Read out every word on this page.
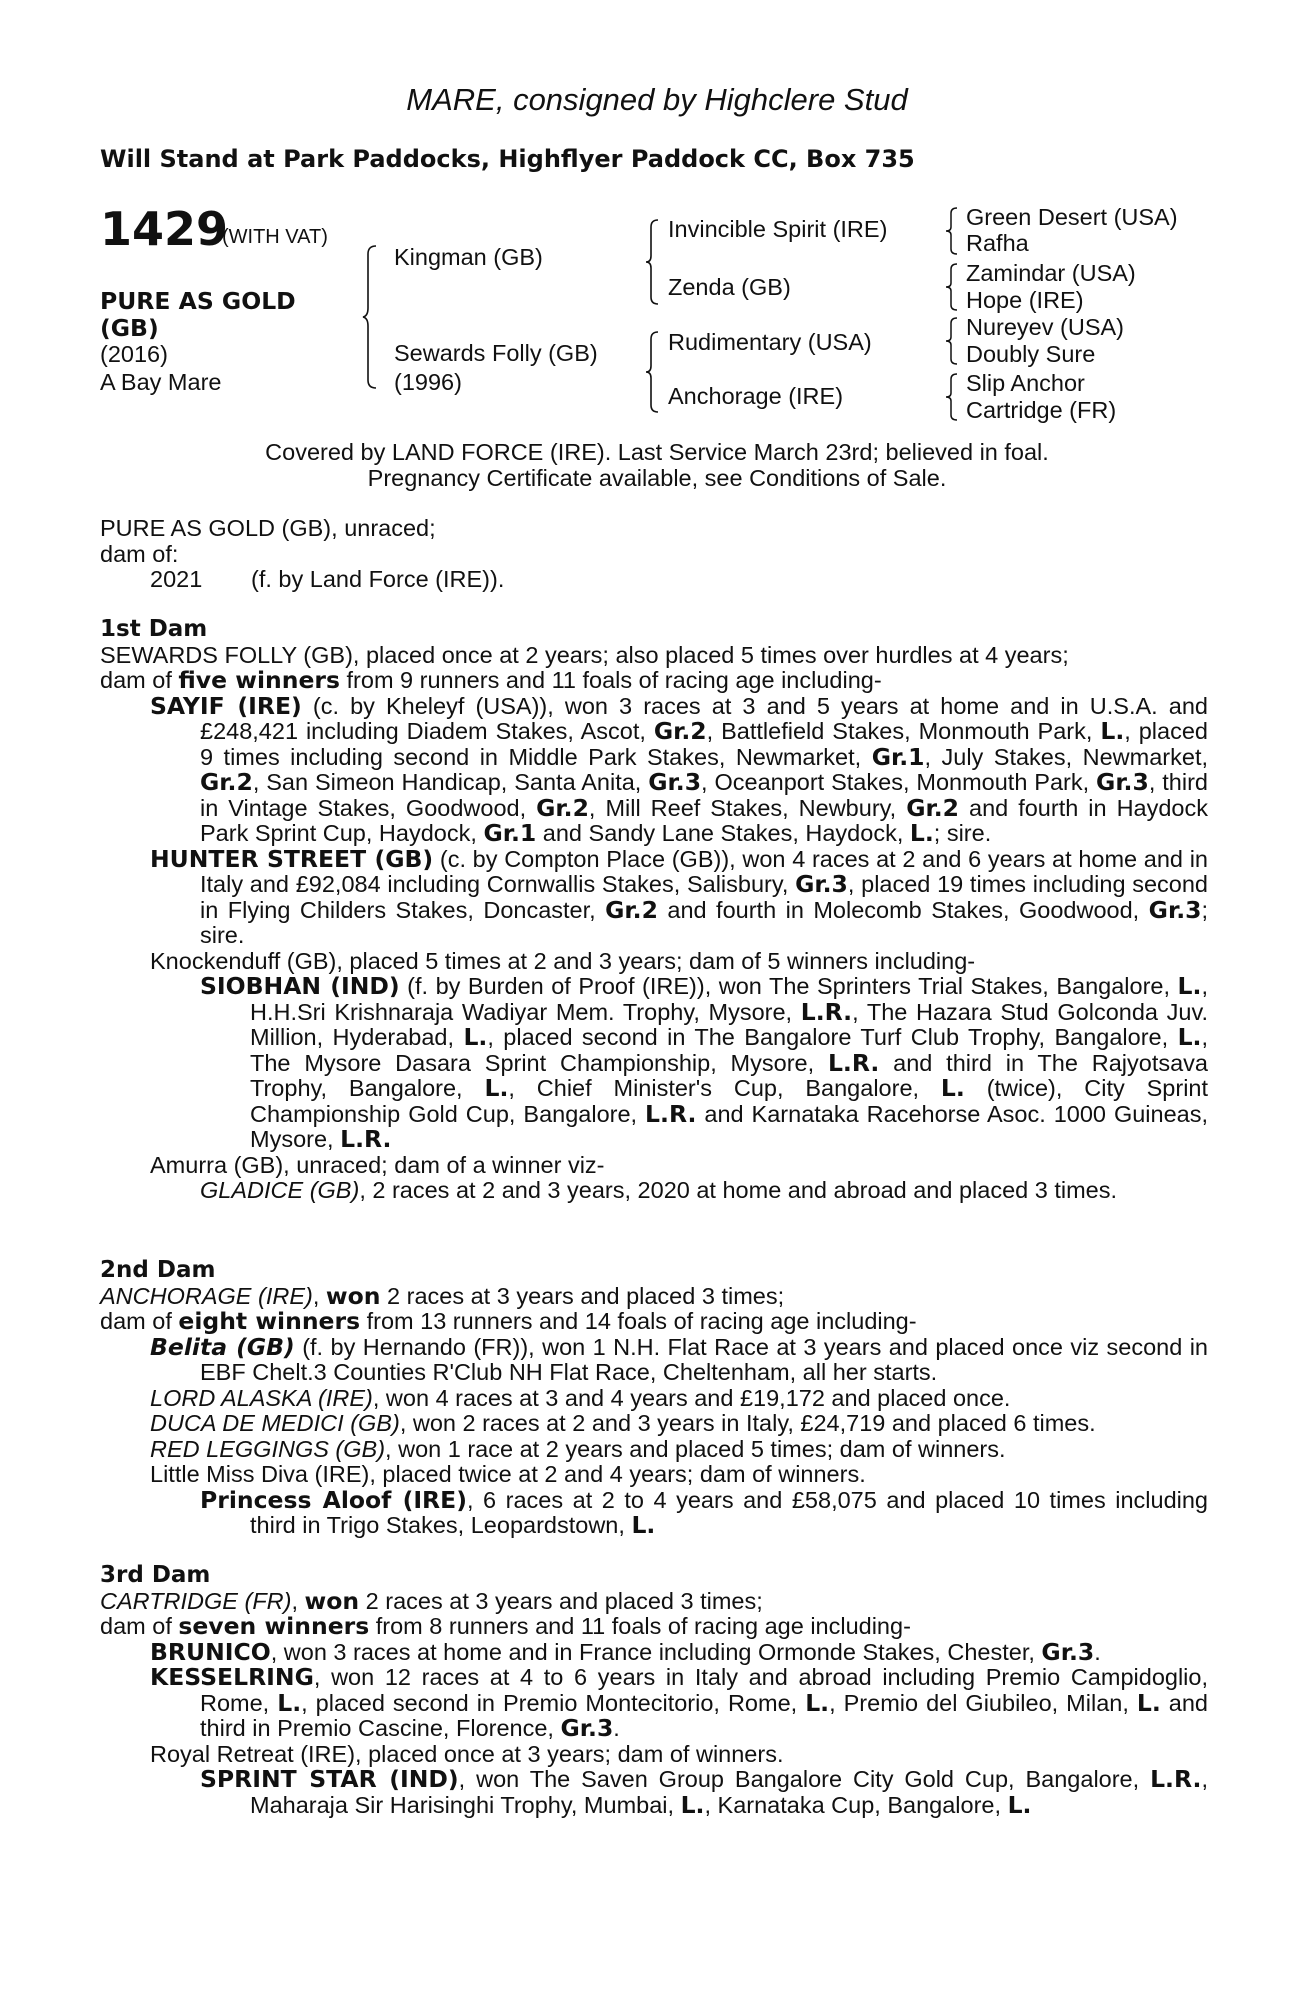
MARE, consigned by Highclere Stud
Will Stand at Park Paddocks, Highflyer Paddock CC, Box 735
1429
(WITH VAT)
PURE AS GOLD
(GB)
(2016)
A Bay Mare
Kingman (GB)
Sewards Folly (GB)
(1996)
Invincible Spirit (IRE)
Zenda (GB)
Rudimentary (USA)
Anchorage (IRE)
Green Desert (USA)
Rafha
Zamindar (USA)
Hope (IRE)
Nureyev (USA)
Doubly Sure
Slip Anchor
Cartridge (FR)
Covered by LAND FORCE (IRE). Last Service March 23rd; believed in foal.
Pregnancy Certificate available, see Conditions of Sale.
PURE AS GOLD (GB), unraced;
dam of:
2021 (f. by Land Force (IRE)).

1st Dam

SEWARDS FOLLY (GB), placed once at 2 years; also placed 5 times over hurdles at 4 years;

dam of five winners from 9 runners and 11 foals of racing age including-

SAYIF (IRE) (c. by Kheleyf (USA)), won 3 races at 3 and 5 years at home and in U.S.A. and £248,421 including Diadem Stakes, Ascot, Gr.2, Battlefield Stakes, Monmouth Park, L., placed 9 times including second in Middle Park Stakes, Newmarket, Gr.1, July Stakes, Newmarket, Gr.2, San Simeon Handicap, Santa Anita, Gr.3, Oceanport Stakes, Monmouth Park, Gr.3, third in Vintage Stakes, Goodwood, Gr.2, Mill Reef Stakes, Newbury, Gr.2 and fourth in Haydock Park Sprint Cup, Haydock, Gr.1 and Sandy Lane Stakes, Haydock, L.; sire.

HUNTER STREET (GB) (c. by Compton Place (GB)), won 4 races at 2 and 6 years at home and in Italy and £92,084 including Cornwallis Stakes, Salisbury, Gr.3, placed 19 times including second in Flying Childers Stakes, Doncaster, Gr.2 and fourth in Molecomb Stakes, Goodwood, Gr.3; sire.

Knockenduff (GB), placed 5 times at 2 and 3 years; dam of 5 winners including-

SIOBHAN (IND) (f. by Burden of Proof (IRE)), won The Sprinters Trial Stakes, Bangalore, L., H.H.Sri Krishnaraja Wadiyar Mem. Trophy, Mysore, L.R., The Hazara Stud Golconda Juv. Million, Hyderabad, L., placed second in The Bangalore Turf Club Trophy, Bangalore, L., The Mysore Dasara Sprint Championship, Mysore, L.R. and third in The Rajyotsava Trophy, Bangalore, L., Chief Minister's Cup, Bangalore, L. (twice), City Sprint Championship Gold Cup, Bangalore, L.R. and Karnataka Racehorse Asoc. 1000 Guineas, Mysore, L.R.

Amurra (GB), unraced; dam of a winner viz-

GLADICE (GB), 2 races at 2 and 3 years, 2020 at home and abroad and placed 3 times.

2nd Dam

ANCHORAGE (IRE), won 2 races at 3 years and placed 3 times;

dam of eight winners from 13 runners and 14 foals of racing age including-

Belita (GB) (f. by Hernando (FR)), won 1 N.H. Flat Race at 3 years and placed once viz second in EBF Chelt.3 Counties R'Club NH Flat Race, Cheltenham, all her starts.

LORD ALASKA (IRE), won 4 races at 3 and 4 years and £19,172 and placed once.

DUCA DE MEDICI (GB), won 2 races at 2 and 3 years in Italy, £24,719 and placed 6 times.

RED LEGGINGS (GB), won 1 race at 2 years and placed 5 times; dam of winners.

Little Miss Diva (IRE), placed twice at 2 and 4 years; dam of winners.

Princess Aloof (IRE), 6 races at 2 to 4 years and £58,075 and placed 10 times including third in Trigo Stakes, Leopardstown, L.

3rd Dam

CARTRIDGE (FR), won 2 races at 3 years and placed 3 times;

dam of seven winners from 8 runners and 11 foals of racing age including-

BRUNICO, won 3 races at home and in France including Ormonde Stakes, Chester, Gr.3.

KESSELRING, won 12 races at 4 to 6 years in Italy and abroad including Premio Campidoglio, Rome, L., placed second in Premio Montecitorio, Rome, L., Premio del Giubileo, Milan, L. and third in Premio Cascine, Florence, Gr.3.

Royal Retreat (IRE), placed once at 3 years; dam of winners.

SPRINT STAR (IND), won The Saven Group Bangalore City Gold Cup, Bangalore, L.R., Maharaja Sir Harisinghi Trophy, Mumbai, L., Karnataka Cup, Bangalore, L.
